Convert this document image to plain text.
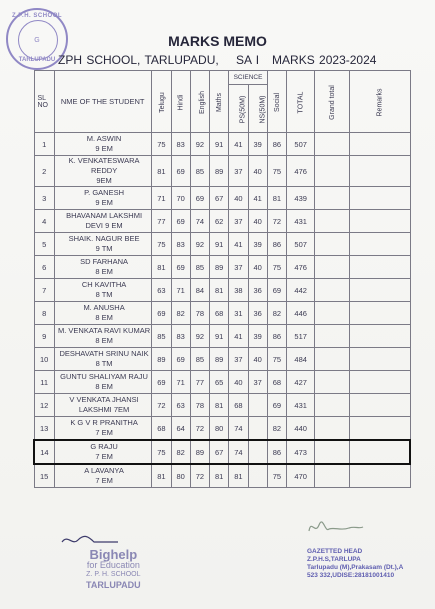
Z.P.H. SCHOOL
G
TARLUPADU
MARKS MEMO
ZPH SCHOOL, TARLUPADU,    SA I   MARKS 2023-2024
SL NO	NME OF THE STUDENT	Telugu	Hindi	English	Maths	SCIENCE		Social	TOTAL	Grand total	Remarks
						PS(50M)	NS(50M)				
1	M. ASWIN
9 EM	75	83	92	91	41	39	86	507		
2	K. VENKATESWARA REDDY
9EM	81	69	85	89	37	40	75	476		
3	P. GANESH
9 EM	71	70	69	67	40	41	81	439		
4	BHAVANAM LAKSHMI
DEVI 9 EM	77	69	74	62	37	40	72	431		
5	SHAIK. NAGUR BEE
9 TM	75	83	92	91	41	39	86	507		
6	SD FARHANA
8 EM	81	69	85	89	37	40	75	476		
7	CH KAVITHA
8 TM	63	71	84	81	38	36	69	442		
8	M. ANUSHA
8 EM	69	82	78	68	31	36	82	446		
9	M. VENKATA RAVI KUMAR
8 EM	85	83	92	91	41	39	86	517		
10	DESHAVATH SRINU NAIK
8 TM	89	69	85	89	37	40	75	484		
11	GUNTU SHALIYAM RAJU
8 EM	69	71	77	65	40	37	68	427		
12	V VENKATA JHANSI
LAKSHMI 7EM	72	63	78	81	68		69	431		
13	K G V R PRANITHA
7 EM	68	64	72	80	74		82	440		
14	G RAJU
7 EM	75	82	89	67	74		86	473		
15	A LAVANYA
7 EM	81	80	72	81	81		75	470		
Bighelp
for Education
Z. P. H. SCHOOL
TARLUPADU
GAZETTED HEAD
Z.P.H.S,TARLUPA
Tarlupadu (M),Prakasam (Dt.),A
523 332,UDISE:28181001410
